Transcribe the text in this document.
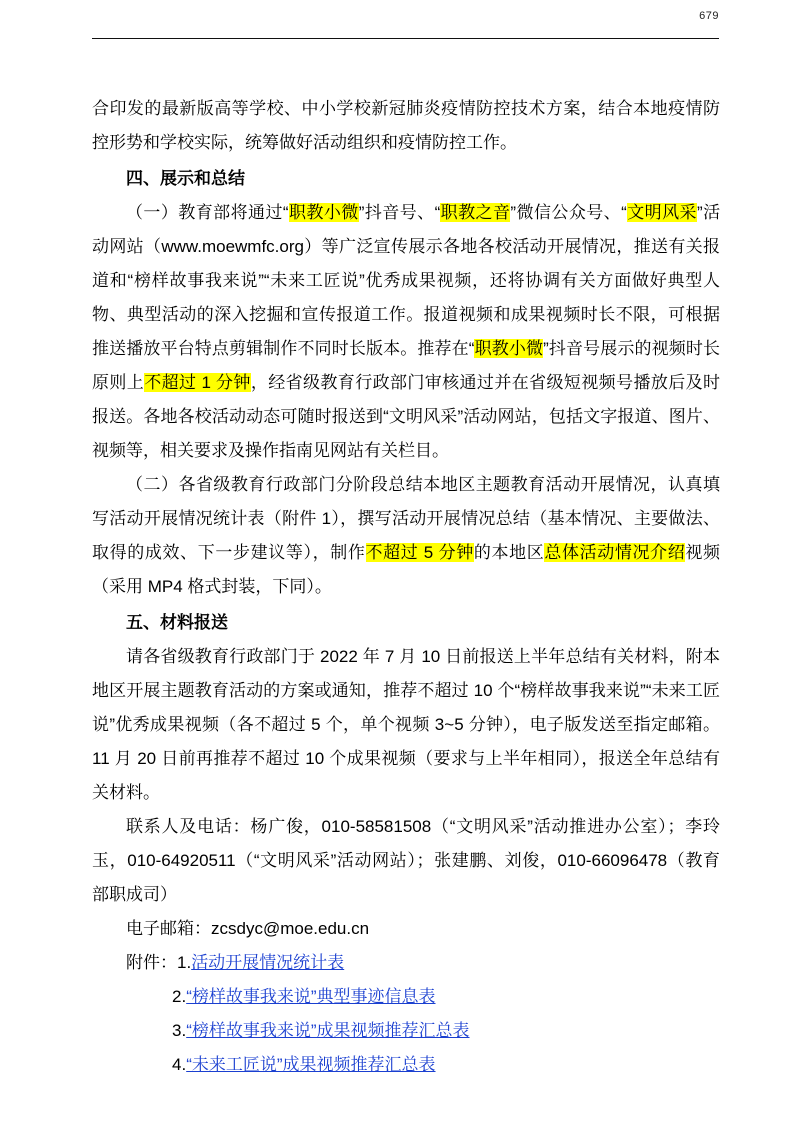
679

合印发的最新版高等学校、中小学校新冠肺炎疫情防控技术方案，结合本地疫情防控形势和学校实际，统筹做好活动组织和疫情防控工作。

四、展示和总结

（一）教育部将通过“职教小微”抖音号、“职教之音”微信公众号、“文明风采”活动网站（www.moewmfc.org）等广泛宣传展示各地各校活动开展情况，推送有关报道和“榜样故事我来说”“未来工匠说”优秀成果视频，还将协调有关方面做好典型人物、典型活动的深入挖掘和宣传报道工作。报道视频和成果视频时长不限，可根据推送播放平台特点剪辑制作不同时长版本。推荐在“职教小微”抖音号展示的视频时长原则上不超过 1 分钟，经省级教育行政部门审核通过并在省级短视频号播放后及时报送。各地各校活动动态可随时报送到“文明风采”活动网站，包括文字报道、图片、视频等，相关要求及操作指南见网站有关栏目。

（二）各省级教育行政部门分阶段总结本地区主题教育活动开展情况，认真填写活动开展情况统计表（附件 1），撰写活动开展情况总结（基本情况、主要做法、取得的成效、下一步建议等），制作不超过 5 分钟的本地区总体活动情况介绍视频（采用 MP4 格式封装，下同）。

五、材料报送

请各省级教育行政部门于 2022 年 7 月 10 日前报送上半年总结有关材料，附本地区开展主题教育活动的方案或通知，推荐不超过 10 个“榜样故事我来说”“未来工匠说”优秀成果视频（各不超过 5 个，单个视频 3~5 分钟），电子版发送至指定邮箱。11 月 20 日前再推荐不超过 10 个成果视频（要求与上半年相同），报送全年总结有关材料。

联系人及电话：杨广俊，010-58581508（“文明风采”活动推进办公室）；李玲玉，010-64920511（“文明风采”活动网站）；张建鹏、刘俊，010-66096478（教育部职成司）

电子邮箱：zcsdyc@moe.edu.cn

附件：1.活动开展情况统计表

2.“榜样故事我来说”典型事迹信息表

3.“榜样故事我来说”成果视频推荐汇总表

4.“未来工匠说”成果视频推荐汇总表
